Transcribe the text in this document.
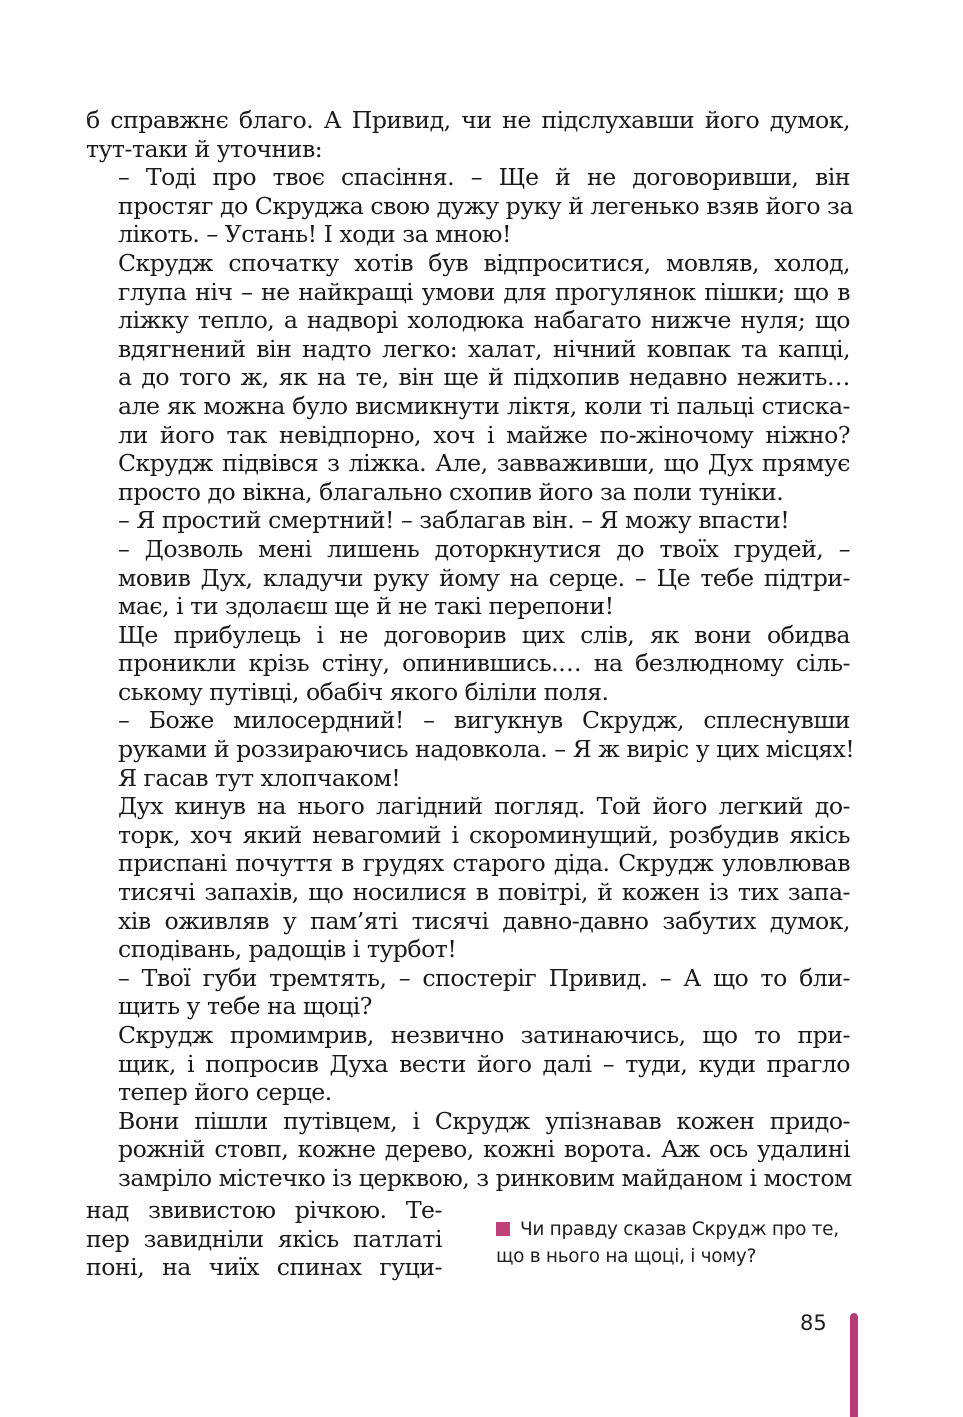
б справжнє благо. А Привид, чи не підслухавши його думок,
тут-таки й уточнив:

– Тоді про твоє спасіння. – Ще й не договоривши, він
простяг до Скруджа свою дужу руку й легенько взяв його за
лікоть. – Устань! І ходи за мною!

Скрудж спочатку хотів був відпроситися, мовляв, холод,
глупа ніч – не найкращі умови для прогулянок пішки; що в
ліжку тепло, а надворі холодюка набагато нижче нуля; що
вдягнений він надто легко: халат, нічний ковпак та капці,
а до того ж, як на те, він ще й підхопив недавно нежить…
але як можна було висмикнути ліктя, коли ті пальці стиска-
ли його так невідпорно, хоч і майже по-жіночому ніжно?
Скрудж підвівся з ліжка. Але, завваживши, що Дух прямує
просто до вікна, благально схопив його за поли туніки.

– Я простий смертний! – заблагав він. – Я можу впасти!

– Дозволь мені лишень доторкнутися до твоїх грудей, –
мовив Дух, кладучи руку йому на серце. – Це тебе підтри-
має, і ти здолаєш ще й не такі перепони!

Ще прибулець і не договорив цих слів, як вони обидва
проникли крізь стіну, опинившись.… на безлюдному сіль-
ському путівці, обабіч якого біліли поля.

– Боже милосердний! – вигукнув Скрудж, сплеснувши
руками й роззираючись надовкола. – Я ж виріс у цих місцях!
Я гасав тут хлопчаком!

Дух кинув на нього лагідний погляд. Той його легкий до-
торк, хоч який невагомий і скороминущий, розбудив якісь
приспані почуття в грудях старого діда. Скрудж уловлював
тисячі запахів, що носилися в повітрі, й кожен із тих запа-
хів оживляв у пам’яті тисячі давно-давно забутих думок,
сподівань, радощів і турбот!

– Твої губи тремтять, – спостеріг Привид. – А що то бли-
щить у тебе на щоці?

Скрудж промимрив, незвично затинаючись, що то при-
щик, і попросив Духа вести його далі – туди, куди прагло
тепер його серце.

Вони пішли путівцем, і Скрудж упізнавав кожен придо-
рожній стовп, кожне дерево, кожні ворота. Аж ось удалині
замріло містечко із церквою, з ринковим майданом і мостом

над звивистою річкою. Те-
пер завидніли якісь патлаті
поні, на чиїх спинах гуци-
Чи правду сказав Скрудж про те, що в нього на щоці, і чому?
85
